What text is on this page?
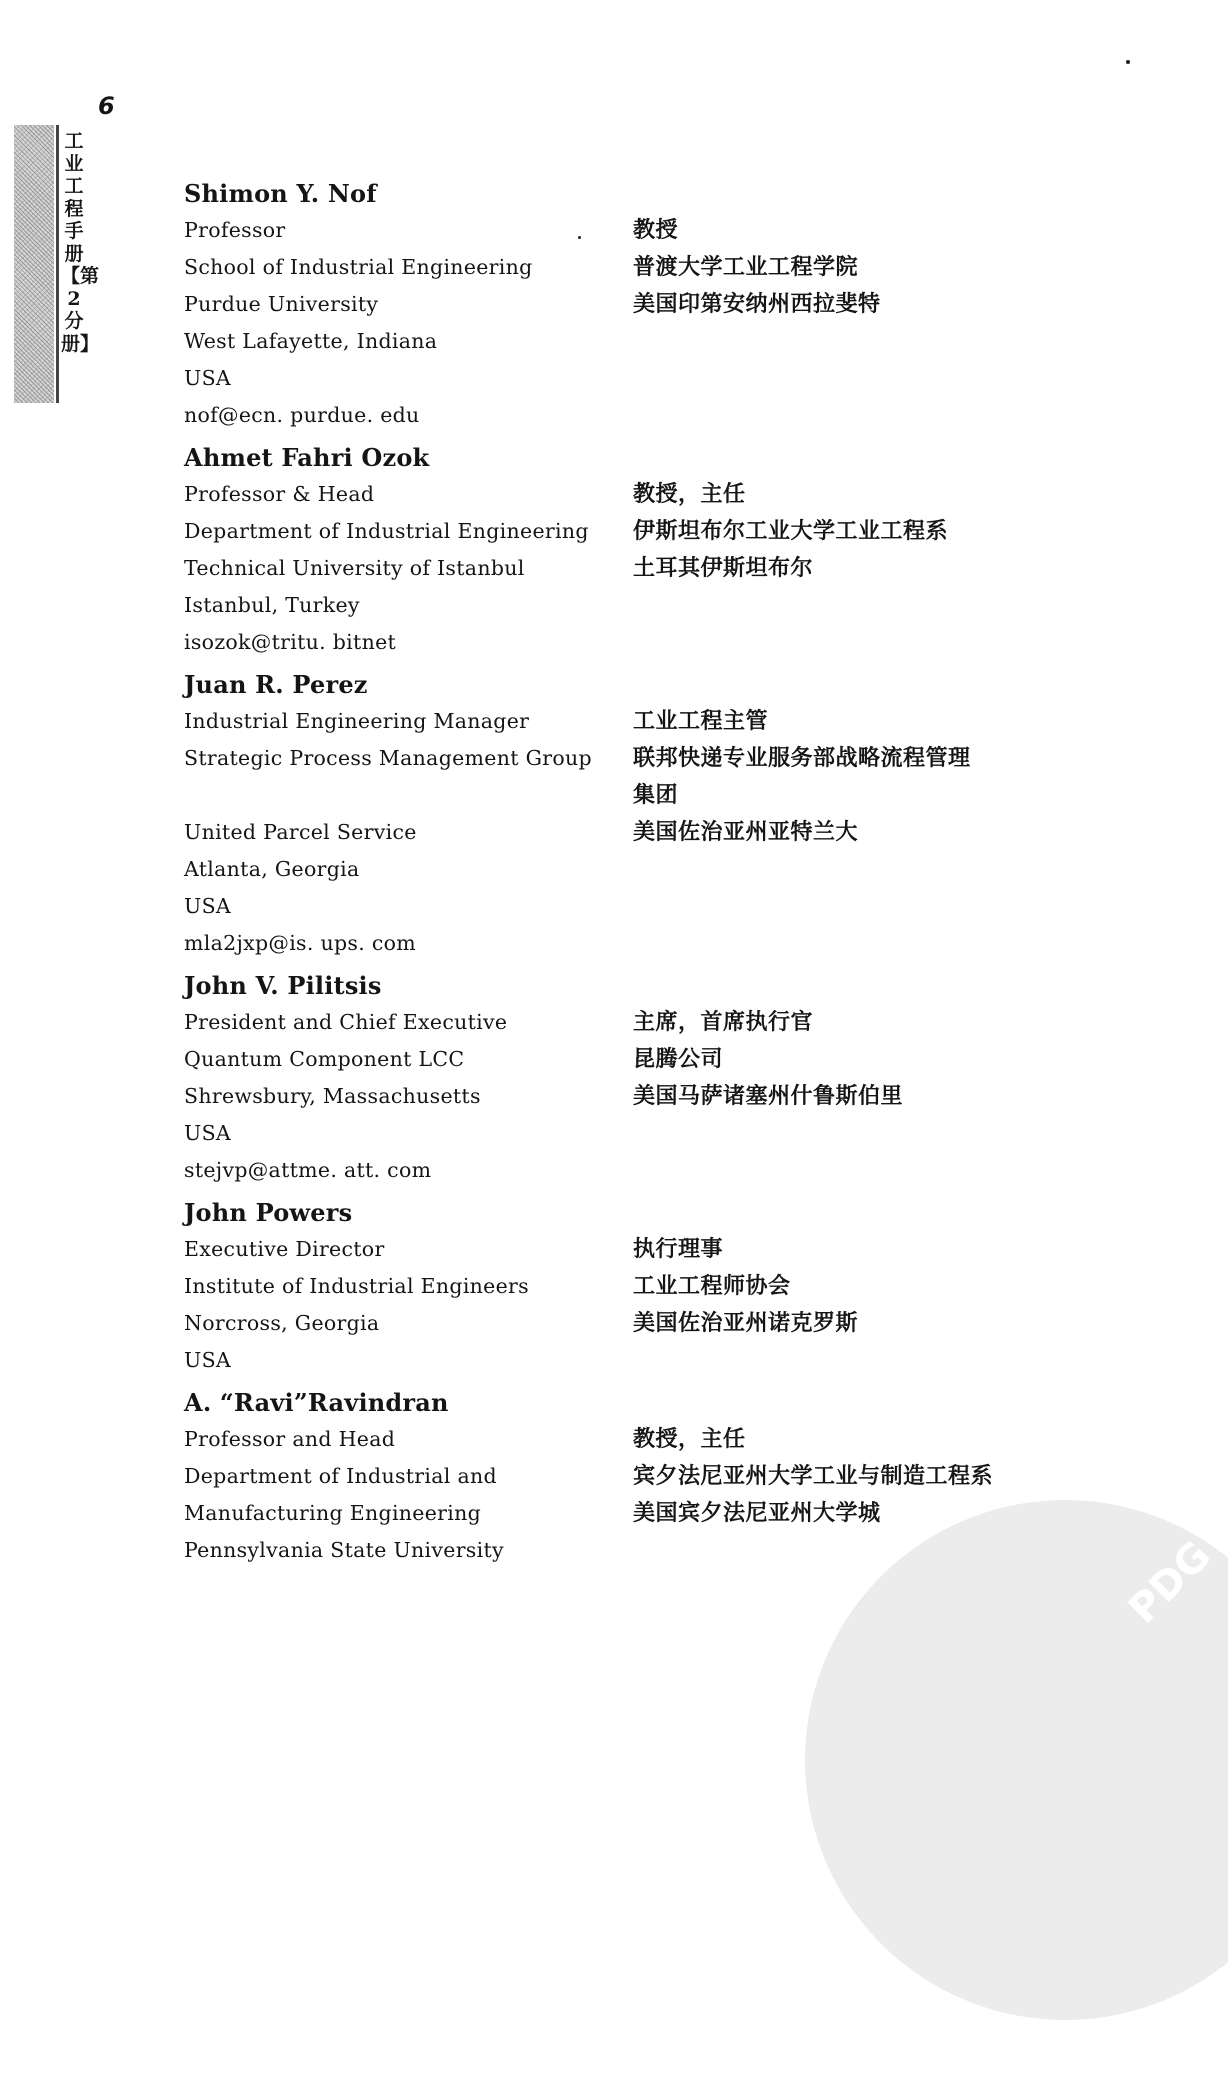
PDG
6
工业工程手册【第2分册】
Shimon Y. Nof
Professor
School of Industrial Engineering
Purdue University
West Lafayette, Indiana
USA
nof@ecn. purdue. edu
教授
普渡大学工业工程学院
美国印第安纳州西拉斐特
Ahmet Fahri Ozok
Professor & Head
Department of Industrial Engineering
Technical University of Istanbul
Istanbul, Turkey
isozok@tritu. bitnet
教授，主任
伊斯坦布尔工业大学工业工程系
土耳其伊斯坦布尔
Juan R. Perez
Industrial Engineering Manager
Strategic Process Management Group
United Parcel Service
Atlanta, Georgia
USA
mla2jxp@is. ups. com
工业工程主管
联邦快递专业服务部战略流程管理
集团
美国佐治亚州亚特兰大
John V. Pilitsis
President and Chief Executive
Quantum Component LCC
Shrewsbury, Massachusetts
USA
stejvp@attme. att. com
主席，首席执行官
昆腾公司
美国马萨诸塞州什鲁斯伯里
John Powers
Executive Director
Institute of Industrial Engineers
Norcross, Georgia
USA
执行理事
工业工程师协会
美国佐治亚州诺克罗斯
A. “Ravi”Ravindran
Professor and Head
Department of Industrial and
Manufacturing Engineering
Pennsylvania State University
教授，主任
宾夕法尼亚州大学工业与制造工程系
美国宾夕法尼亚州大学城
